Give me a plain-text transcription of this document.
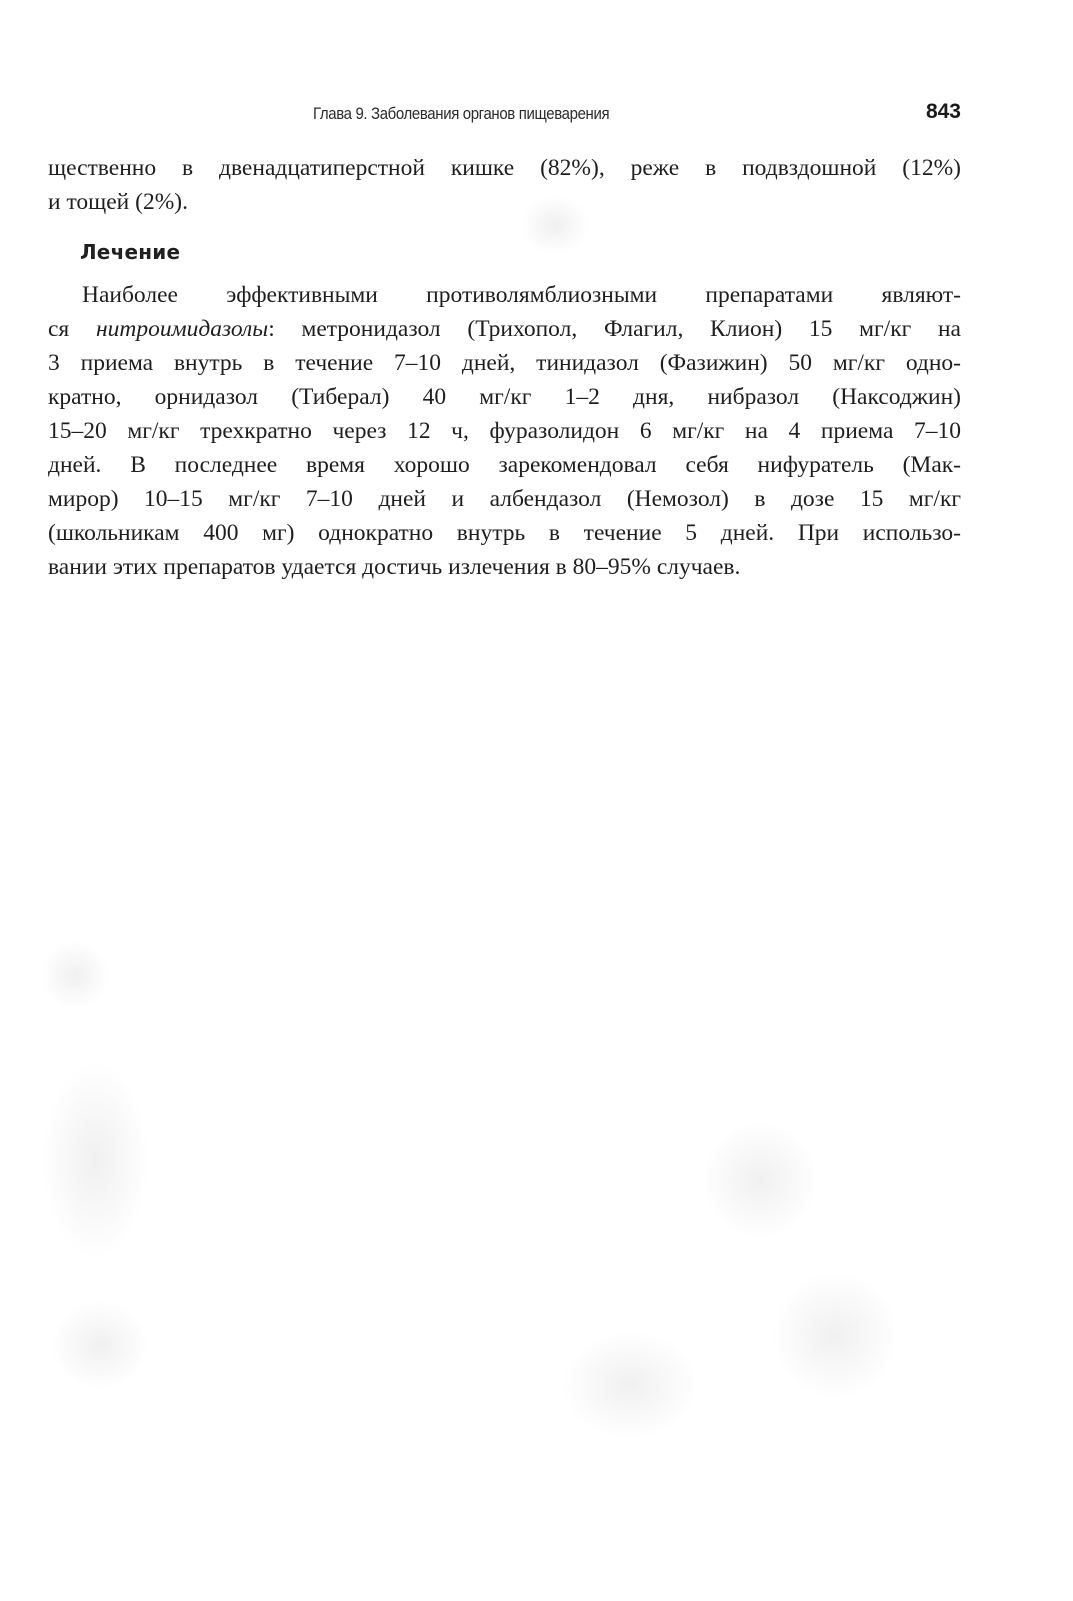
Глава 9. Заболевания органов пищеварения	843
щественно в двенадцатиперстной кишке (82%), реже в подвздошной (12%)
и тощей (2%).
Лечение
Наиболее эффективными противолямблиозными препаратами являют-
ся нитроимидазолы: метронидазол (Трихопол, Флагил, Клион) 15 мг/кг на
3 приема внутрь в течение 7–10 дней, тинидазол (Фазижин) 50 мг/кг одно-
кратно, орнидазол (Тиберал) 40 мг/кг 1–2 дня, нибразол (Наксоджин)
15–20 мг/кг трехкратно через 12 ч, фуразолидон 6 мг/кг на 4 приема 7–10
дней. В последнее время хорошо зарекомендовал себя нифуратель (Мак-
мирор) 10–15 мг/кг 7–10 дней и албендазол (Немозол) в дозе 15 мг/кг
(школьникам 400 мг) однократно внутрь в течение 5 дней. При использо-
вании этих препаратов удается достичь излечения в 80–95% случаев.
